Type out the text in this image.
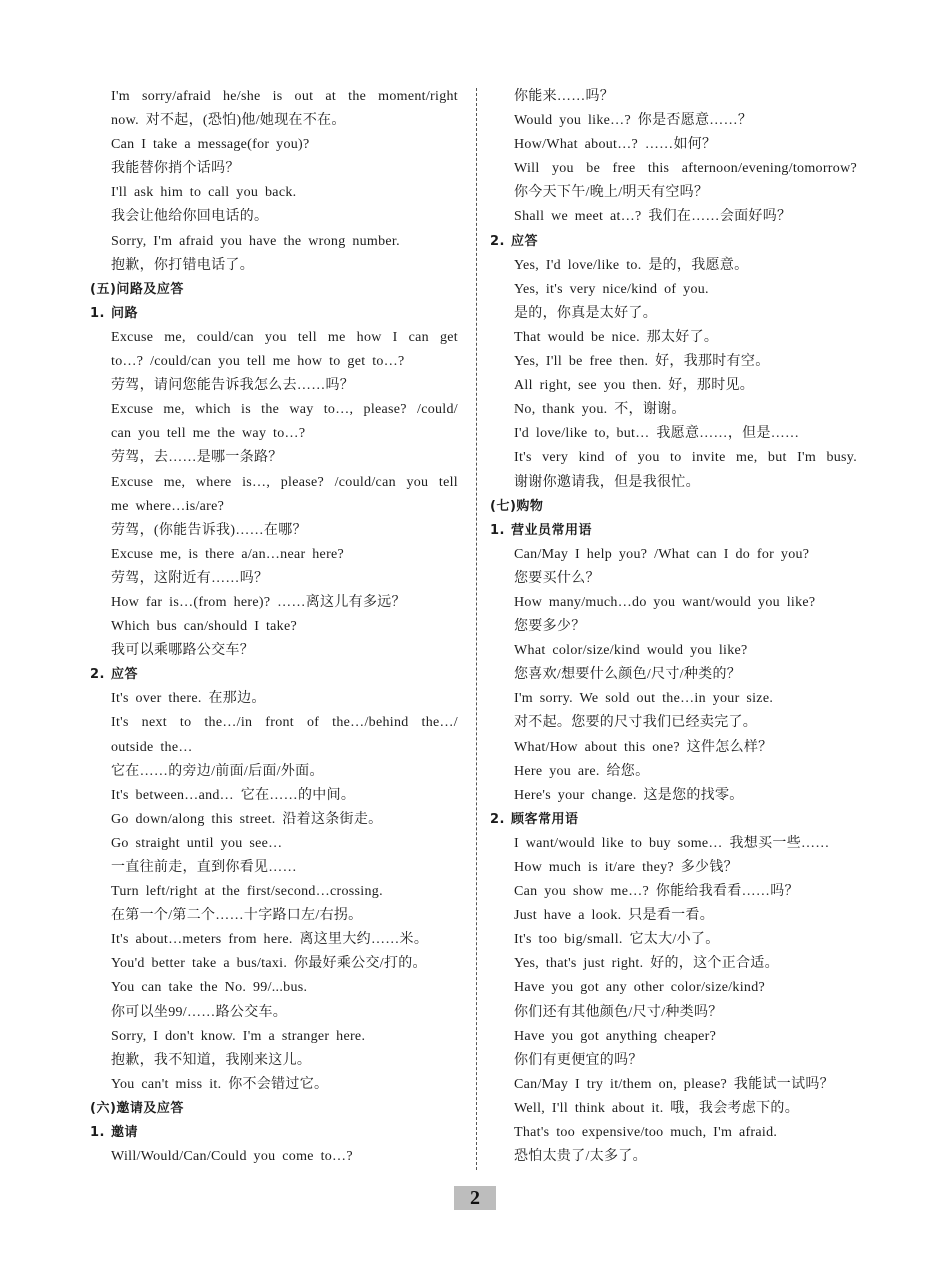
I'm sorry/afraid he/she is out at the moment/right
now. 对不起，(恐怕)他/她现在不在。
Can I take a message(for you)?
我能替你捎个话吗？
I'll ask him to call you back.
我会让他给你回电话的。
Sorry, I'm afraid you have the wrong number.
抱歉，你打错电话了。
(五)问路及应答
1. 问路
Excuse me, could/can you tell me how I can get
to…? /could/can you tell me how to get to…?
劳驾，请问您能告诉我怎么去……吗？
Excuse me, which is the way to…, please? /could/
can you tell me the way to…?
劳驾，去……是哪一条路？
Excuse me, where is…, please? /could/can you tell
me where…is/are?
劳驾，(你能告诉我)……在哪？
Excuse me, is there a/an…near here?
劳驾，这附近有……吗？
How far is…(from here)? ……离这儿有多远？
Which bus can/should I take?
我可以乘哪路公交车？
2. 应答
It's over there. 在那边。
It's next to the…/in front of the…/behind the…/
outside the…
它在……的旁边/前面/后面/外面。
It's between…and… 它在……的中间。
Go down/along this street. 沿着这条街走。
Go straight until you see…
一直往前走，直到你看见……
Turn left/right at the first/second…crossing.
在第一个/第二个……十字路口左/右拐。
It's about…meters from here. 离这里大约……米。
You'd better take a bus/taxi. 你最好乘公交/打的。
You can take the No. 99/...bus.
你可以坐99/……路公交车。
Sorry, I don't know. I'm a stranger here.
抱歉，我不知道，我刚来这儿。
You can't miss it. 你不会错过它。
(六)邀请及应答
1. 邀请
Will/Would/Can/Could you come to…?
你能来……吗？
Would you like…? 你是否愿意……？
How/What about…? ……如何？
Will you be free this afternoon/evening/tomorrow?
你今天下午/晚上/明天有空吗？
Shall we meet at…? 我们在……会面好吗？
2. 应答
Yes, I'd love/like to. 是的，我愿意。
Yes, it's very nice/kind of you.
是的，你真是太好了。
That would be nice. 那太好了。
Yes, I'll be free then. 好，我那时有空。
All right, see you then. 好，那时见。
No, thank you. 不，谢谢。
I'd love/like to, but… 我愿意……，但是……
It's very kind of you to invite me, but I'm busy.
谢谢你邀请我，但是我很忙。
(七)购物
1. 营业员常用语
Can/May I help you? /What can I do for you?
您要买什么？
How many/much…do you want/would you like?
您要多少？
What color/size/kind would you like?
您喜欢/想要什么颜色/尺寸/种类的？
I'm sorry. We sold out the…in your size.
对不起。您要的尺寸我们已经卖完了。
What/How about this one? 这件怎么样？
Here you are. 给您。
Here's your change. 这是您的找零。
2. 顾客常用语
I want/would like to buy some… 我想买一些……
How much is it/are they? 多少钱？
Can you show me…? 你能给我看看……吗？
Just have a look. 只是看一看。
It's too big/small. 它太大/小了。
Yes, that's just right. 好的，这个正合适。
Have you got any other color/size/kind?
你们还有其他颜色/尺寸/种类吗？
Have you got anything cheaper?
你们有更便宜的吗？
Can/May I try it/them on, please? 我能试一试吗？
Well, I'll think about it. 哦，我会考虑下的。
That's too expensive/too much, I'm afraid.
恐怕太贵了/太多了。
2
